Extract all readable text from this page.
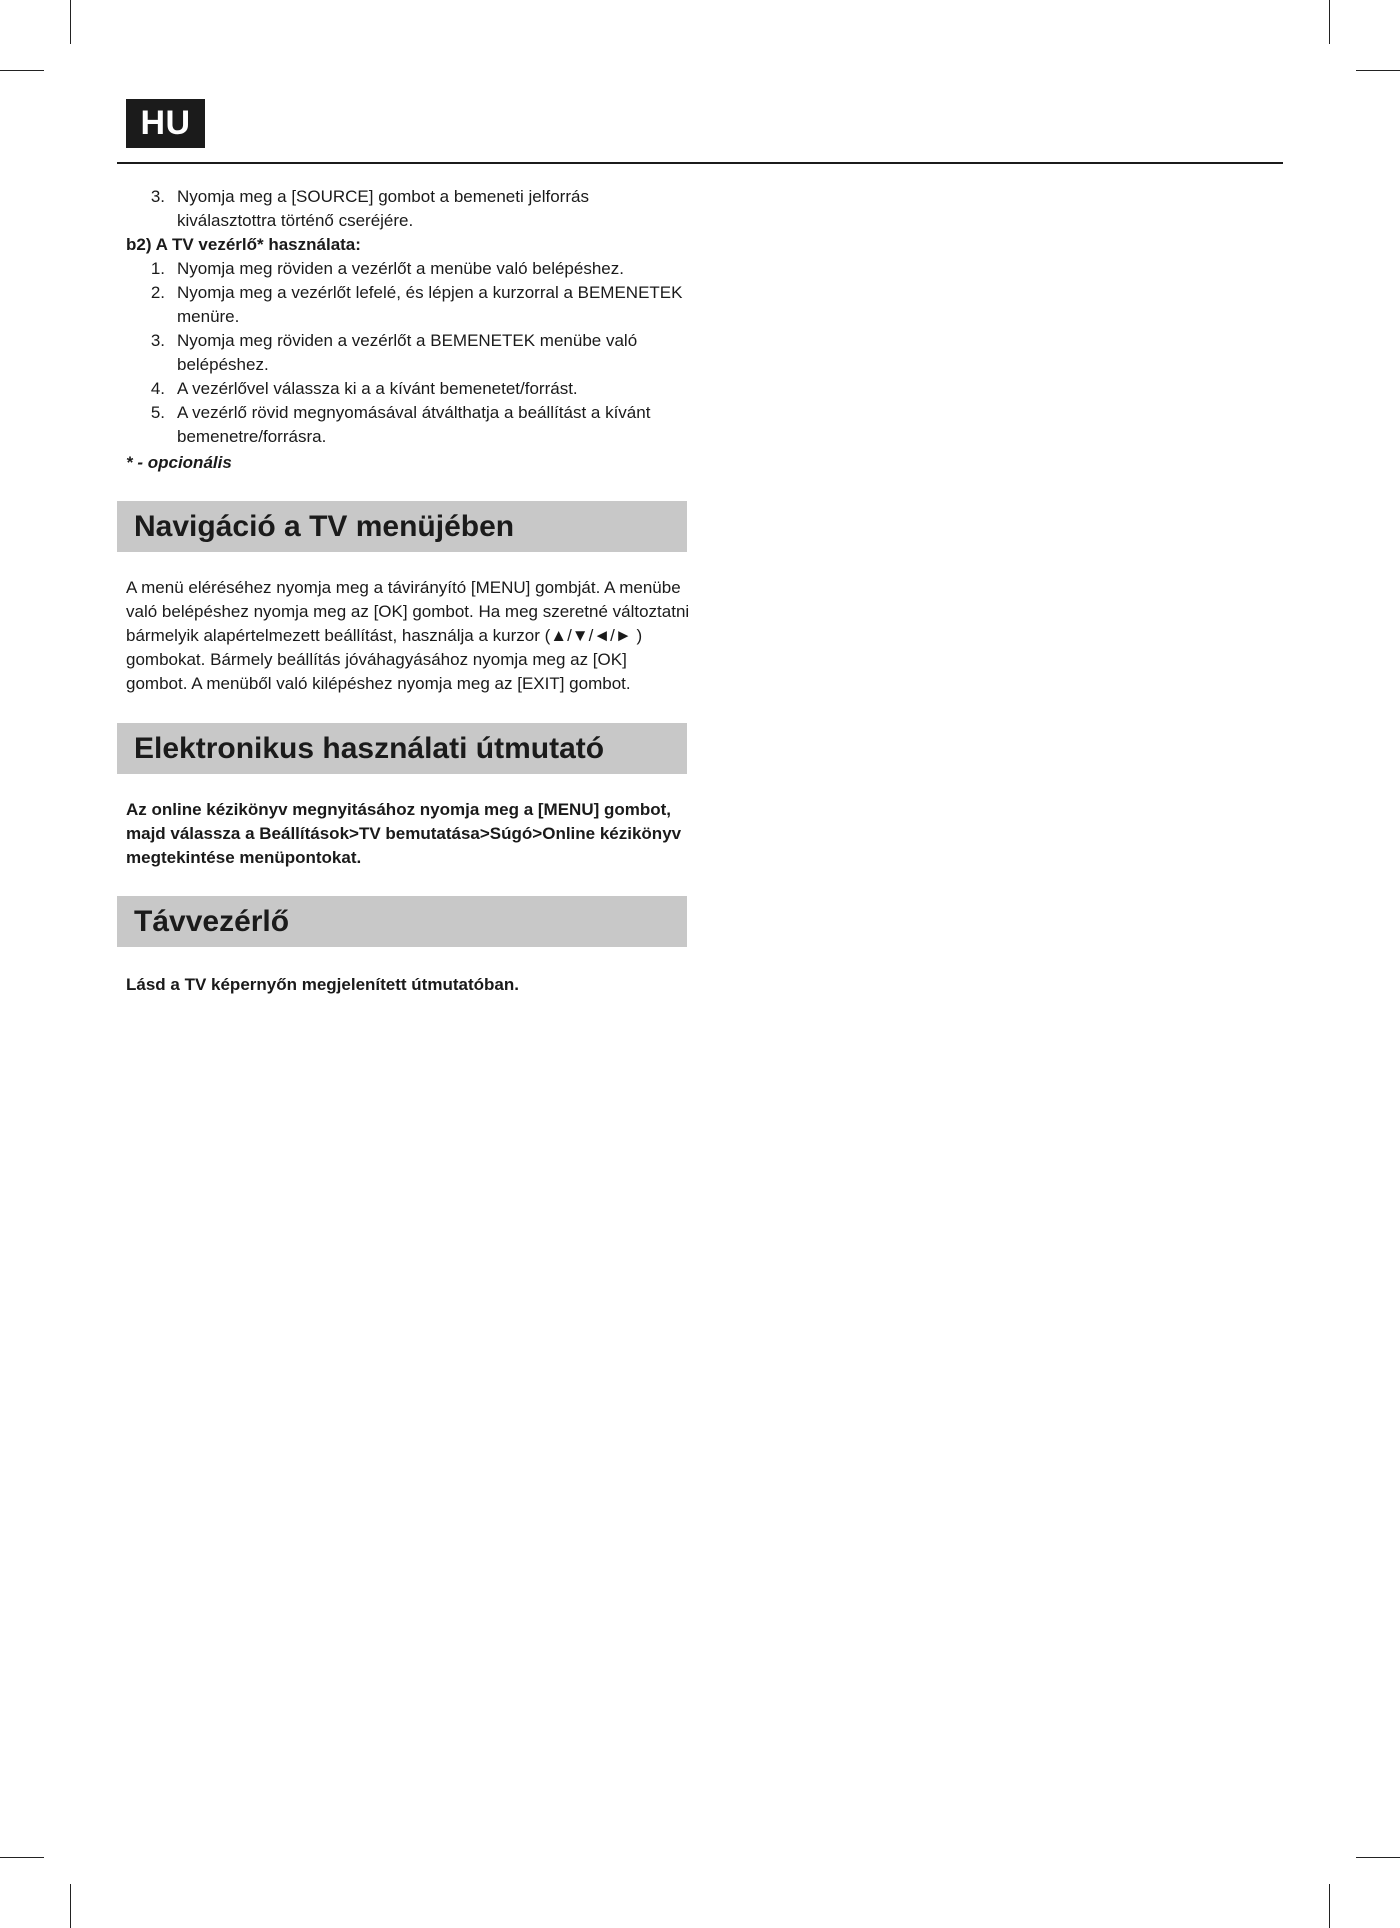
HU
3. Nyomja meg a [SOURCE] gombot a bemeneti jelforrás kiválasztottra történő cseréjére.
b2) A TV vezérlő* használata:
1. Nyomja meg röviden a vezérlőt a menübe való belépéshez.
2. Nyomja meg a vezérlőt lefelé, és lépjen a kurzorral a BEMENETEK menüre.
3. Nyomja meg röviden a vezérlőt a BEMENETEK menübe való belépéshez.
4. A vezérlővel válassza ki a a kívánt bemenetet/forrást.
5. A vezérlő rövid megnyomásával átválthatja a beállítást a kívánt bemenetre/forrásra.
* - opcionális
Navigáció a TV menüjében
A menü eléréséhez nyomja meg a távirányító [MENU] gombját. A menübe való belépéshez nyomja meg az [OK] gombot. Ha meg szeretné változtatni bármelyik alapértelmezett beállítást, használja a kurzor (▲/▼/◄/► ) gombokat. Bármely beállítás jóváhagyásához nyomja meg az [OK] gombot. A menüből való kilépéshez nyomja meg az [EXIT] gombot.
Elektronikus használati útmutató
Az online kézikönyv megnyitásához nyomja meg a [MENU] gombot, majd válassza a Beállítások>TV bemutatása>Súgó>Online kézikönyv megtekintése menüpontokat.
Távvezérlő
Lásd a TV képernyőn megjelenített útmutatóban.
